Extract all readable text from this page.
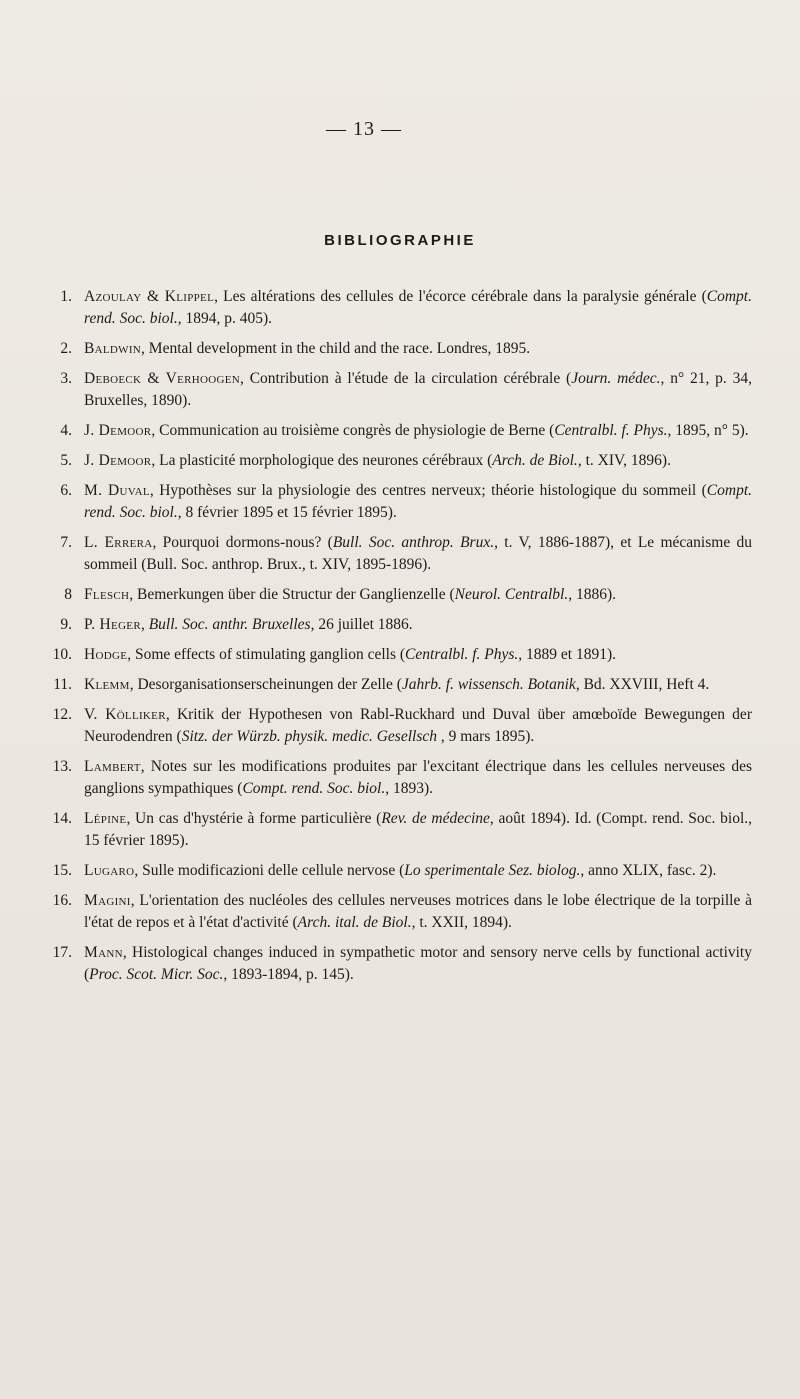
— 13 —
BIBLIOGRAPHIE
1. Azoulay & Klippel, Les altérations des cellules de l'écorce cérébrale dans la paralysie générale (Compt. rend. Soc. biol., 1894, p. 405).
2. Baldwin, Mental development in the child and the race. Londres, 1895.
3. Deboeck & Verhoogen, Contribution à l'étude de la circulation cérébrale (Journ. médec., n° 21, p. 34, Bruxelles, 1890).
4. J. Demoor, Communication au troisième congrès de physiologie de Berne (Centralbl. f. Phys., 1895, n° 5).
5. J. Demoor, La plasticité morphologique des neurones cérébraux (Arch. de Biol., t. XIV, 1896).
6. M. Duval, Hypothèses sur la physiologie des centres nerveux; théorie histologique du sommeil (Compt. rend. Soc. biol., 8 février 1895 et 15 février 1895).
7. L. Errera, Pourquoi dormons-nous? (Bull. Soc. anthrop. Brux., t. V, 1886-1887), et Le mécanisme du sommeil (Bull. Soc. anthrop. Brux., t. XIV, 1895-1896).
8 Flesch, Bemerkungen über die Structur der Ganglienzelle (Neurol. Centralbl., 1886).
9. P. Heger, Bull. Soc. anthr. Bruxelles, 26 juillet 1886.
10. Hodge, Some effects of stimulating ganglion cells (Centralbl. f. Phys., 1889 et 1891).
11. Klemm, Desorganisationserscheinungen der Zelle (Jahrb. f. wissensch. Botanik, Bd. XXVIII, Heft 4.
12. V. Kölliker, Kritik der Hypothesen von Rabl-Ruckhard und Duval über amœboïde Bewegungen der Neurodendren (Sitz. der Würzb. physik. medic. Gesellsch , 9 mars 1895).
13. Lambert, Notes sur les modifications produites par l'excitant électrique dans les cellules nerveuses des ganglions sympathiques (Compt. rend. Soc. biol., 1893).
14. Lépine, Un cas d'hystérie à forme particulière (Rev. de médecine, août 1894). Id. (Compt. rend. Soc. biol., 15 février 1895).
15. Lugaro, Sulle modificazioni delle cellule nervose (Lo sperimentale Sez. biolog., anno XLIX, fasc. 2).
16. Magini, L'orientation des nucléoles des cellules nerveuses motrices dans le lobe électrique de la torpille à l'état de repos et à l'état d'activité (Arch. ital. de Biol., t. XXII, 1894).
17. Mann, Histological changes induced in sympathetic motor and sensory nerve cells by functional activity (Proc. Scot. Micr. Soc., 1893-1894, p. 145).
